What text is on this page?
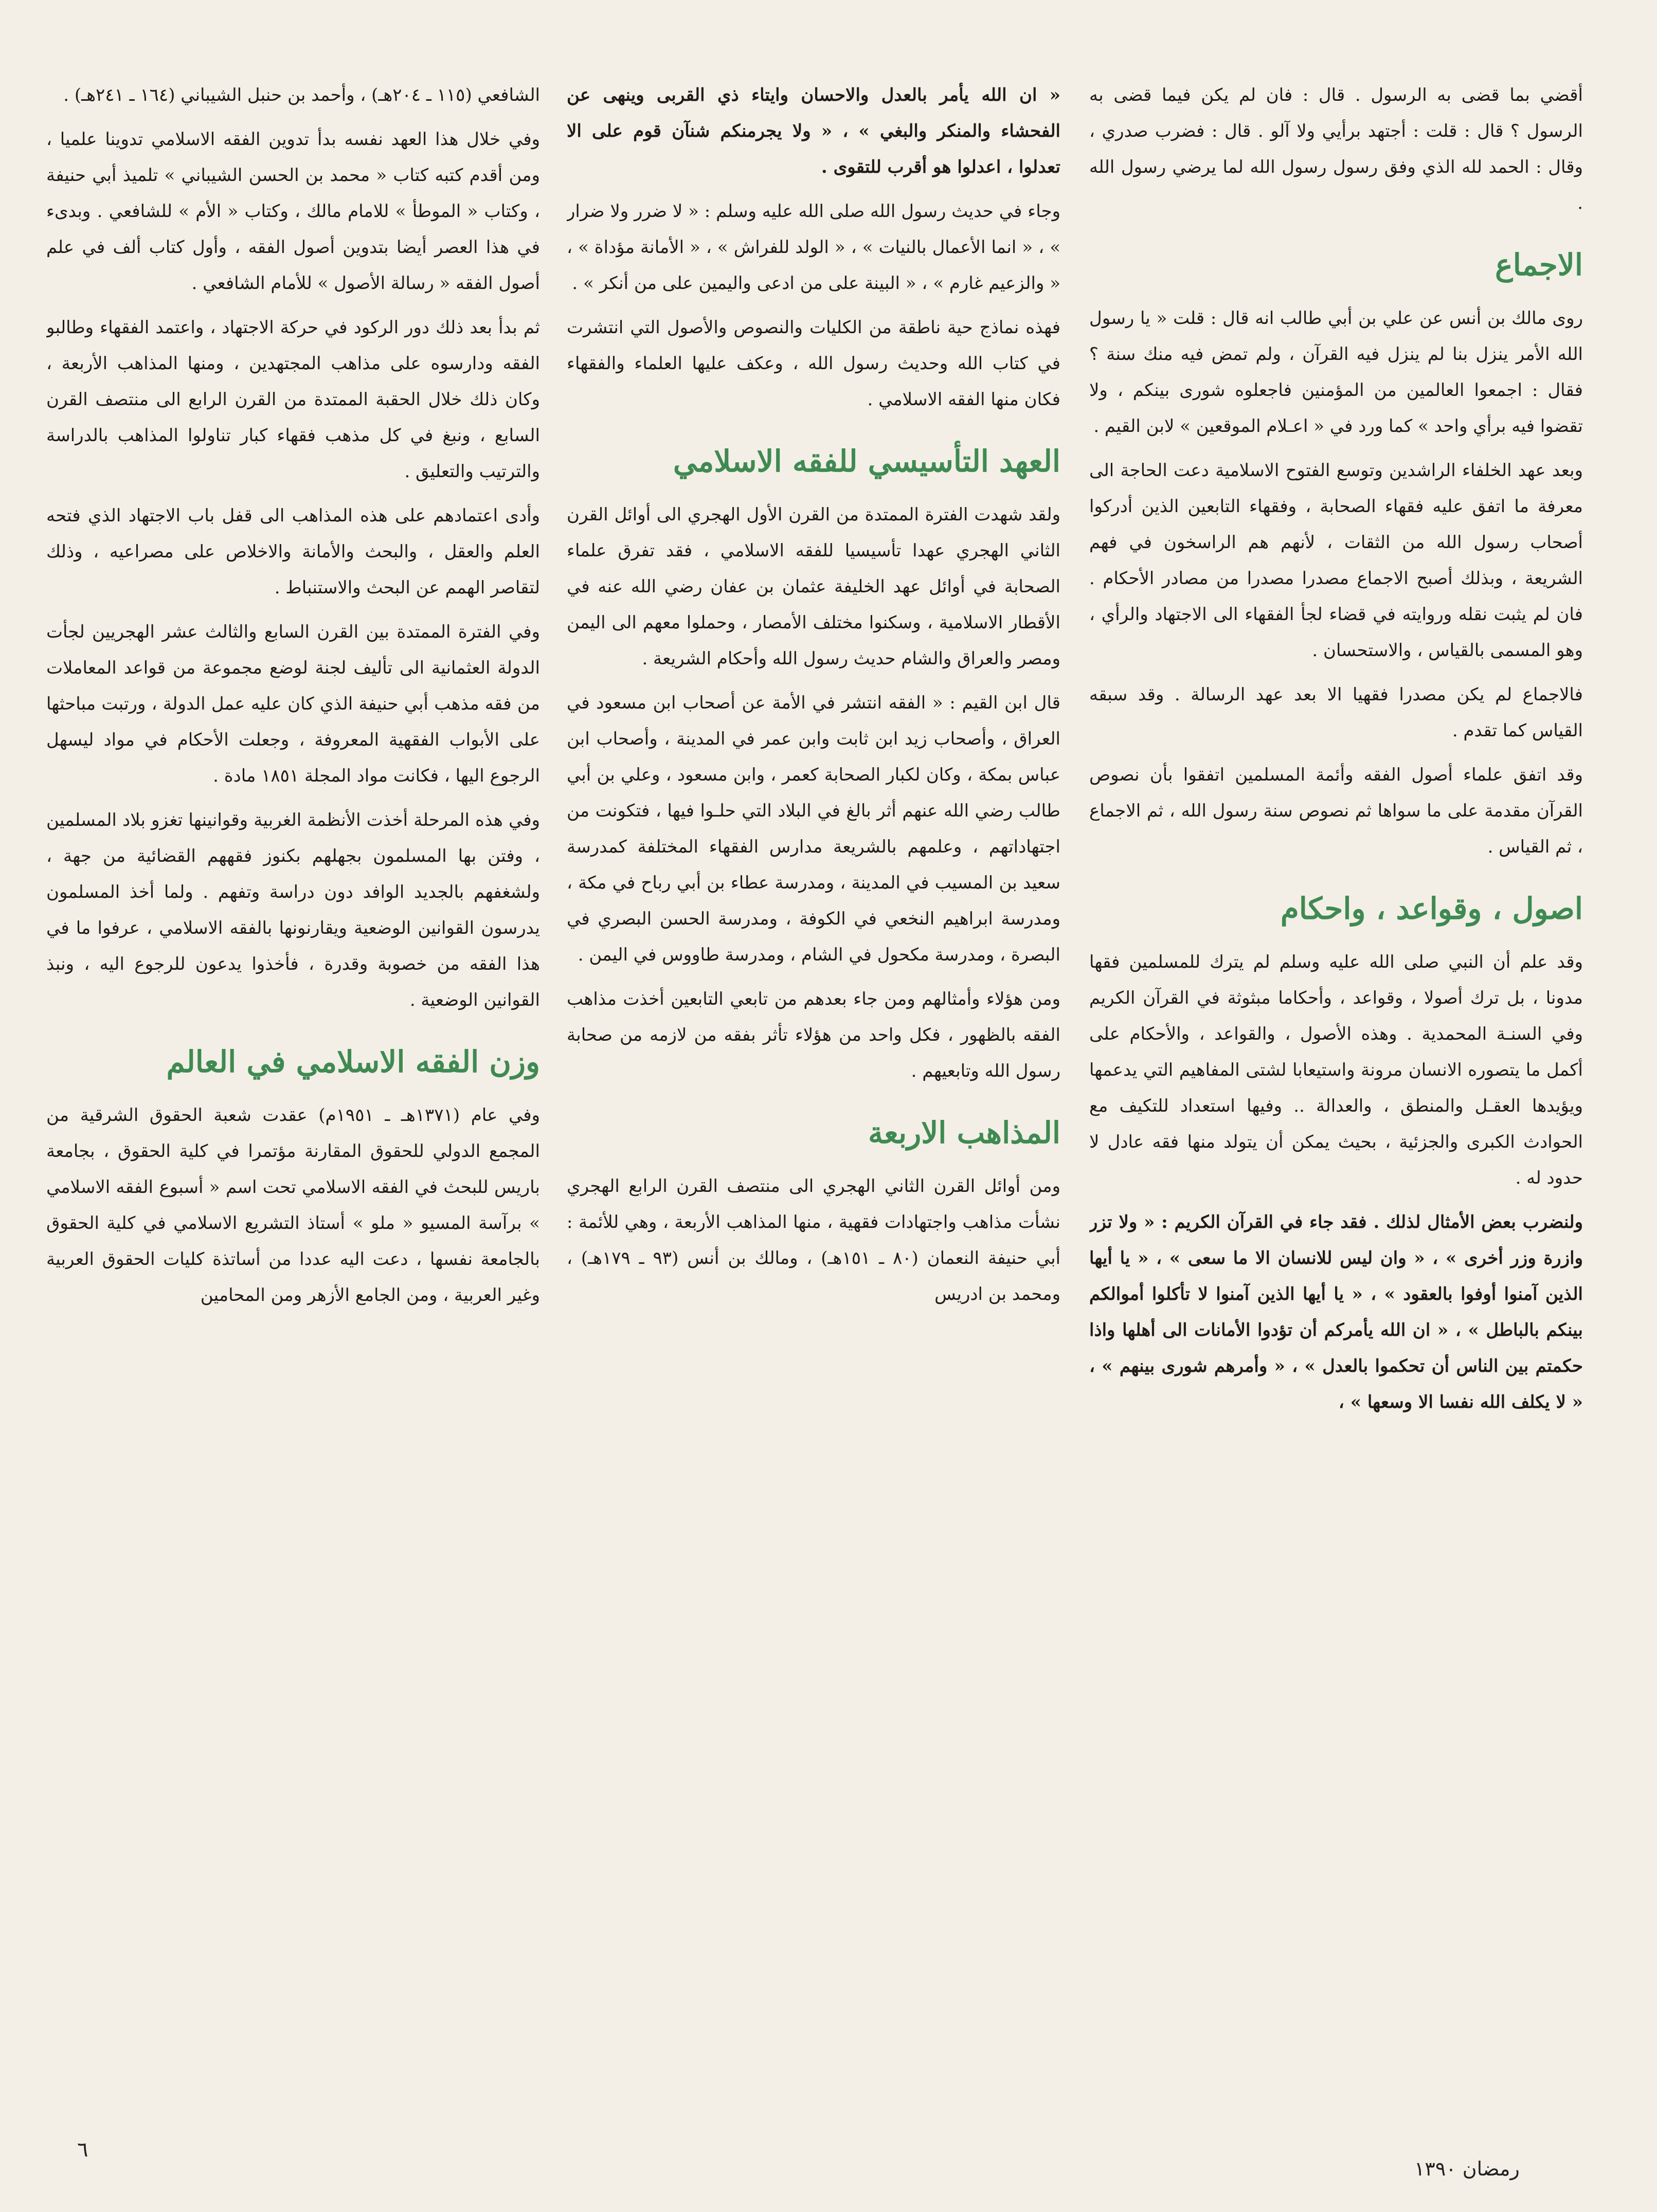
أقضي بما قضى به الرسول . قال : فان لم يكن فيما قضى به الرسول ؟ قال : قلت : أجتهد برأيي ولا آلو . قال : فضرب صدري ، وقال : الحمد لله الذي وفق رسول رسول الله لما يرضي رسول الله .

الاجماع

روى مالك بن أنس عن علي بن أبي طالب انه قال : قلت « يا رسول الله الأمر ينزل بنا لم ينزل فيه القرآن ، ولم تمض فيه منك سنة ؟ فقال : اجمعوا العالمين من المؤمنين فاجعلوه شورى بينكم ، ولا تقضوا فيه برأي واحد » كما ورد في « اعـلام الموقعين » لابن القيم .

وبعد عهد الخلفاء الراشدين وتوسع الفتوح الاسلامية دعت الحاجة الى معرفة ما اتفق عليه فقهاء الصحابة ، وفقهاء التابعين الذين أدركوا أصحاب رسول الله من الثقات ، لأنهم هم الراسخون في فهم الشريعة ، وبذلك أصبح الاجماع مصدرا مصدرا من مصادر الأحكام . فان لم يثبت نقله وروايته في قضاء لجأ الفقهاء الى الاجتهاد والرأي ، وهو المسمى بالقياس ، والاستحسان .

فالاجماع لم يكن مصدرا فقهيا الا بعد عهد الرسالة . وقد سبقه القياس كما تقدم .

وقد اتفق علماء أصول الفقه وأئمة المسلمين اتفقوا بأن نصوص القرآن مقدمة على ما سواها ثم نصوص سنة رسول الله ، ثم الاجماع ، ثم القياس .

اصول ، وقواعد ، واحكام

وقد علم أن النبي صلى الله عليه وسلم لم يترك للمسلمين فقها مدونا ، بل ترك أصولا ، وقواعد ، وأحكاما مبثوثة في القرآن الكريم وفي السنـة المحمدية . وهذه الأصول ، والقواعد ، والأحكام على أكمل ما يتصوره الانسان مرونة واستيعابا لشتى المفاهيم التي يدعمها ويؤيدها العقـل والمنطق ، والعدالة .. وفيها استعداد للتكيف مع الحوادث الكبرى والجزئية ، بحيث يمكن أن يتولد منها فقه عادل لا حدود له .

ولنضرب بعض الأمثال لذلك . فقد جاء في القرآن الكريم : « ولا تزر وازرة وزر أخرى » ، « وان ليس للانسان الا ما سعى » ، « يا أيها الذين آمنوا أوفوا بالعقود » ، « يا أيها الذين آمنوا لا تأكلوا أموالكم بينكم بالباطل » ، « ان الله يأمركم أن تؤدوا الأمانات الى أهلها واذا حكمتم بين الناس أن تحكموا بالعدل » ، « وأمرهم شورى بينهم » ، « لا يكلف الله نفسا الا وسعها » ،

« ان الله يأمر بالعدل والاحسان وايتاء ذي القربى وينهى عن الفحشاء والمنكر والبغي » ، « ولا يجرمنكم شنآن قوم على الا تعدلوا ، اعدلوا هو أقرب للتقوى .

وجاء في حديث رسول الله صلى الله عليه وسلم : « لا ضرر ولا ضرار » ، « انما الأعمال بالنيات » ، « الولد للفراش » ، « الأمانة مؤداة » ، « والزعيم غارم » ، « البينة على من ادعى واليمين على من أنكر » .

فهذه نماذج حية ناطقة من الكليات والنصوص والأصول التي انتشرت في كتاب الله وحديث رسول الله ، وعكف عليها العلماء والفقهاء فكان منها الفقه الاسلامي .

العهد التأسيسي للفقه الاسلامي

ولقد شهدت الفترة الممتدة من القرن الأول الهجري الى أوائل القرن الثاني الهجري عهدا تأسيسيا للفقه الاسلامي ، فقد تفرق علماء الصحابة في أوائل عهد الخليفة عثمان بن عفان رضي الله عنه في الأقطار الاسلامية ، وسكنوا مختلف الأمصار ، وحملوا معهم الى اليمن ومصر والعراق والشام حديث رسول الله وأحكام الشريعة .

قال ابن القيم : « الفقه انتشر في الأمة عن أصحاب ابن مسعود في العراق ، وأصحاب زيد ابن ثابت وابن عمر في المدينة ، وأصحاب ابن عباس بمكة ، وكان لكبار الصحابة كعمر ، وابن مسعود ، وعلي بن أبي طالب رضي الله عنهم أثر بالغ في البلاد التي حلـوا فيها ، فتكونت من اجتهاداتهم ، وعلمهم بالشريعة مدارس الفقهاء المختلفة كمدرسة سعيد بن المسيب في المدينة ، ومدرسة عطاء بن أبي رباح في مكة ، ومدرسة ابراهيم النخعي في الكوفة ، ومدرسة الحسن البصري في البصرة ، ومدرسة مكحول في الشام ، ومدرسة طاووس في اليمن .

ومن هؤلاء وأمثالهم ومن جاء بعدهم من تابعي التابعين أخذت مذاهب الفقه بالظهور ، فكل واحد من هؤلاء تأثر بفقه من لازمه من صحابة رسول الله وتابعيهم .

المذاهب الاربعة

ومن أوائل القرن الثاني الهجري الى منتصف القرن الرابع الهجري نشأت مذاهب واجتهادات فقهية ، منها المذاهب الأربعة ، وهي للأئمة : أبي حنيفة النعمان (٨٠ ـ ١٥١هـ) ، ومالك بن أنس (٩٣ ـ ١٧٩هـ) ، ومحمد بن ادريس

الشافعي (١١٥ ـ ٢٠٤هـ) ، وأحمد بن حنبل الشيباني (١٦٤ ـ ٢٤١هـ) .

وفي خلال هذا العهد نفسه بدأ تدوين الفقه الاسلامي تدوينا علميا ، ومن أقدم كتبه كتاب « محمد بن الحسن الشيباني » تلميذ أبي حنيفة ، وكتاب « الموطأ » للامام مالك ، وكتاب « الأم » للشافعي . وبدىء في هذا العصر أيضا بتدوين أصول الفقه ، وأول كتاب ألف في علم أصول الفقه « رسالة الأصول » للأمام الشافعي .

ثم بدأ بعد ذلك دور الركود في حركة الاجتهاد ، واعتمد الفقهاء وطالبو الفقه ودارسوه على مذاهب المجتهدين ، ومنها المذاهب الأربعة ، وكان ذلك خلال الحقبة الممتدة من القرن الرابع الى منتصف القرن السابع ، ونبغ في كل مذهب فقهاء كبار تناولوا المذاهب بالدراسة والترتيب والتعليق .

وأدى اعتمادهم على هذه المذاهب الى قفل باب الاجتهاد الذي فتحه العلم والعقل ، والبحث والأمانة والاخلاص على مصراعيه ، وذلك لتقاصر الهمم عن البحث والاستنباط .

وفي الفترة الممتدة بين القرن السابع والثالث عشر الهجريين لجأت الدولة العثمانية الى تأليف لجنة لوضع مجموعة من قواعد المعاملات من فقه مذهب أبي حنيفة الذي كان عليه عمل الدولة ، ورتبت مباحثها على الأبواب الفقهية المعروفة ، وجعلت الأحكام في مواد ليسهل الرجوع اليها ، فكانت مواد المجلة ١٨٥١ مادة .

وفي هذه المرحلة أخذت الأنظمة الغربية وقوانينها تغزو بلاد المسلمين ، وفتن بها المسلمون بجهلهم بكنوز فقههم القضائية من جهة ، ولشغفهم بالجديد الوافد دون دراسة وتفهم . ولما أخذ المسلمون يدرسون القوانين الوضعية ويقارنونها بالفقه الاسلامي ، عرفوا ما في هذا الفقه من خصوبة وقدرة ، فأخذوا يدعون للرجوع اليه ، ونبذ القوانين الوضعية .

وزن الفقه الاسلامي في العالم

وفي عام (١٣٧١هـ ـ ١٩٥١م) عقدت شعبة الحقوق الشرقية من المجمع الدولي للحقوق المقارنة مؤتمرا في كلية الحقوق ، بجامعة باريس للبحث في الفقه الاسلامي تحت اسم « أسبوع الفقه الاسلامي » برآسة المسيو « ملو » أستاذ التشريع الاسلامي في كلية الحقوق بالجامعة نفسها ، دعت اليه عددا من أساتذة كليات الحقوق العربية وغير العربية ، ومن الجامع الأزهر ومن المحامين

٦
رمضان ١٣٩٠
